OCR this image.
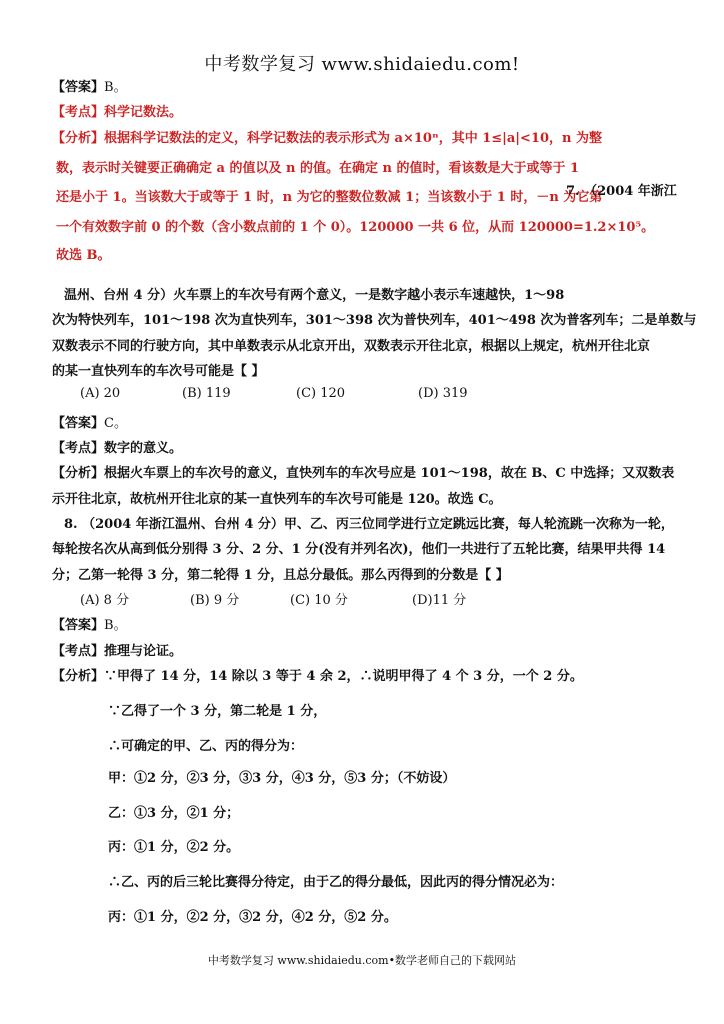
中考数学复习 www.shidaiedu.com!
【答案】B。
【考点】科学记数法。
【分析】根据科学记数法的定义，科学记数法的表示形式为 a×10ⁿ，其中 1≤|a|<10，n 为整
数，表示时关键要正确确定 a 的值以及 n 的值。在确定 n 的值时，看该数是大于或等于 1
还是小于 1。当该数大于或等于 1 时，n 为它的整数位数减 1；当该数小于 1 时，－n 为它第
一个有效数字前 0 的个数（含小数点前的 1 个 0）。120000 一共 6 位，从而 120000=1.2×10⁵。
故选 B。
7. （2004 年浙江
温州、台州 4 分）火车票上的车次号有两个意义，一是数字越小表示车速越快，1～98
次为特快列车，101～198 次为直快列车，301～398 次为普快列车，401～498 次为普客列车；二是单数与
双数表示不同的行驶方向，其中单数表示从北京开出，双数表示开往北京，根据以上规定，杭州开往北京
的某一直快列车的车次号可能是【 】
(A) 20	(B) 119	(C) 120	(D) 319
【答案】C。
【考点】数字的意义。
【分析】根据火车票上的车次号的意义，直快列车的车次号应是 101～198，故在 B、C 中选择；又双数表
示开往北京，故杭州开往北京的某一直快列车的车次号可能是 120。故选 C。
8. （2004 年浙江温州、台州 4 分）甲、乙、丙三位同学进行立定跳远比赛，每人轮流跳一次称为一轮，
每轮按名次从高到低分别得 3 分、2 分、1 分(没有并列名次)，他们一共进行了五轮比赛，结果甲共得 14
分；乙第一轮得 3 分，第二轮得 1 分，且总分最低。那么丙得到的分数是【 】
(A) 8 分	(B) 9 分	(C) 10 分	(D)11 分
【答案】B。
【考点】推理与论证。
【分析】∵甲得了 14 分，14 除以 3 等于 4 余 2，∴说明甲得了 4 个 3 分，一个 2 分。
∵乙得了一个 3 分，第二轮是 1 分，
∴可确定的甲、乙、丙的得分为：
甲：①2 分，②3 分，③3 分，④3 分，⑤3 分；（不妨设）
乙：①3 分，②1 分；
丙：①1 分，②2 分。
∴乙、丙的后三轮比赛得分待定，由于乙的得分最低，因此丙的得分情况必为：
丙：①1 分，②2 分，③2 分，④2 分，⑤2 分。
中考数学复习 www.shidaiedu.com•数学老师自己的下载网站
